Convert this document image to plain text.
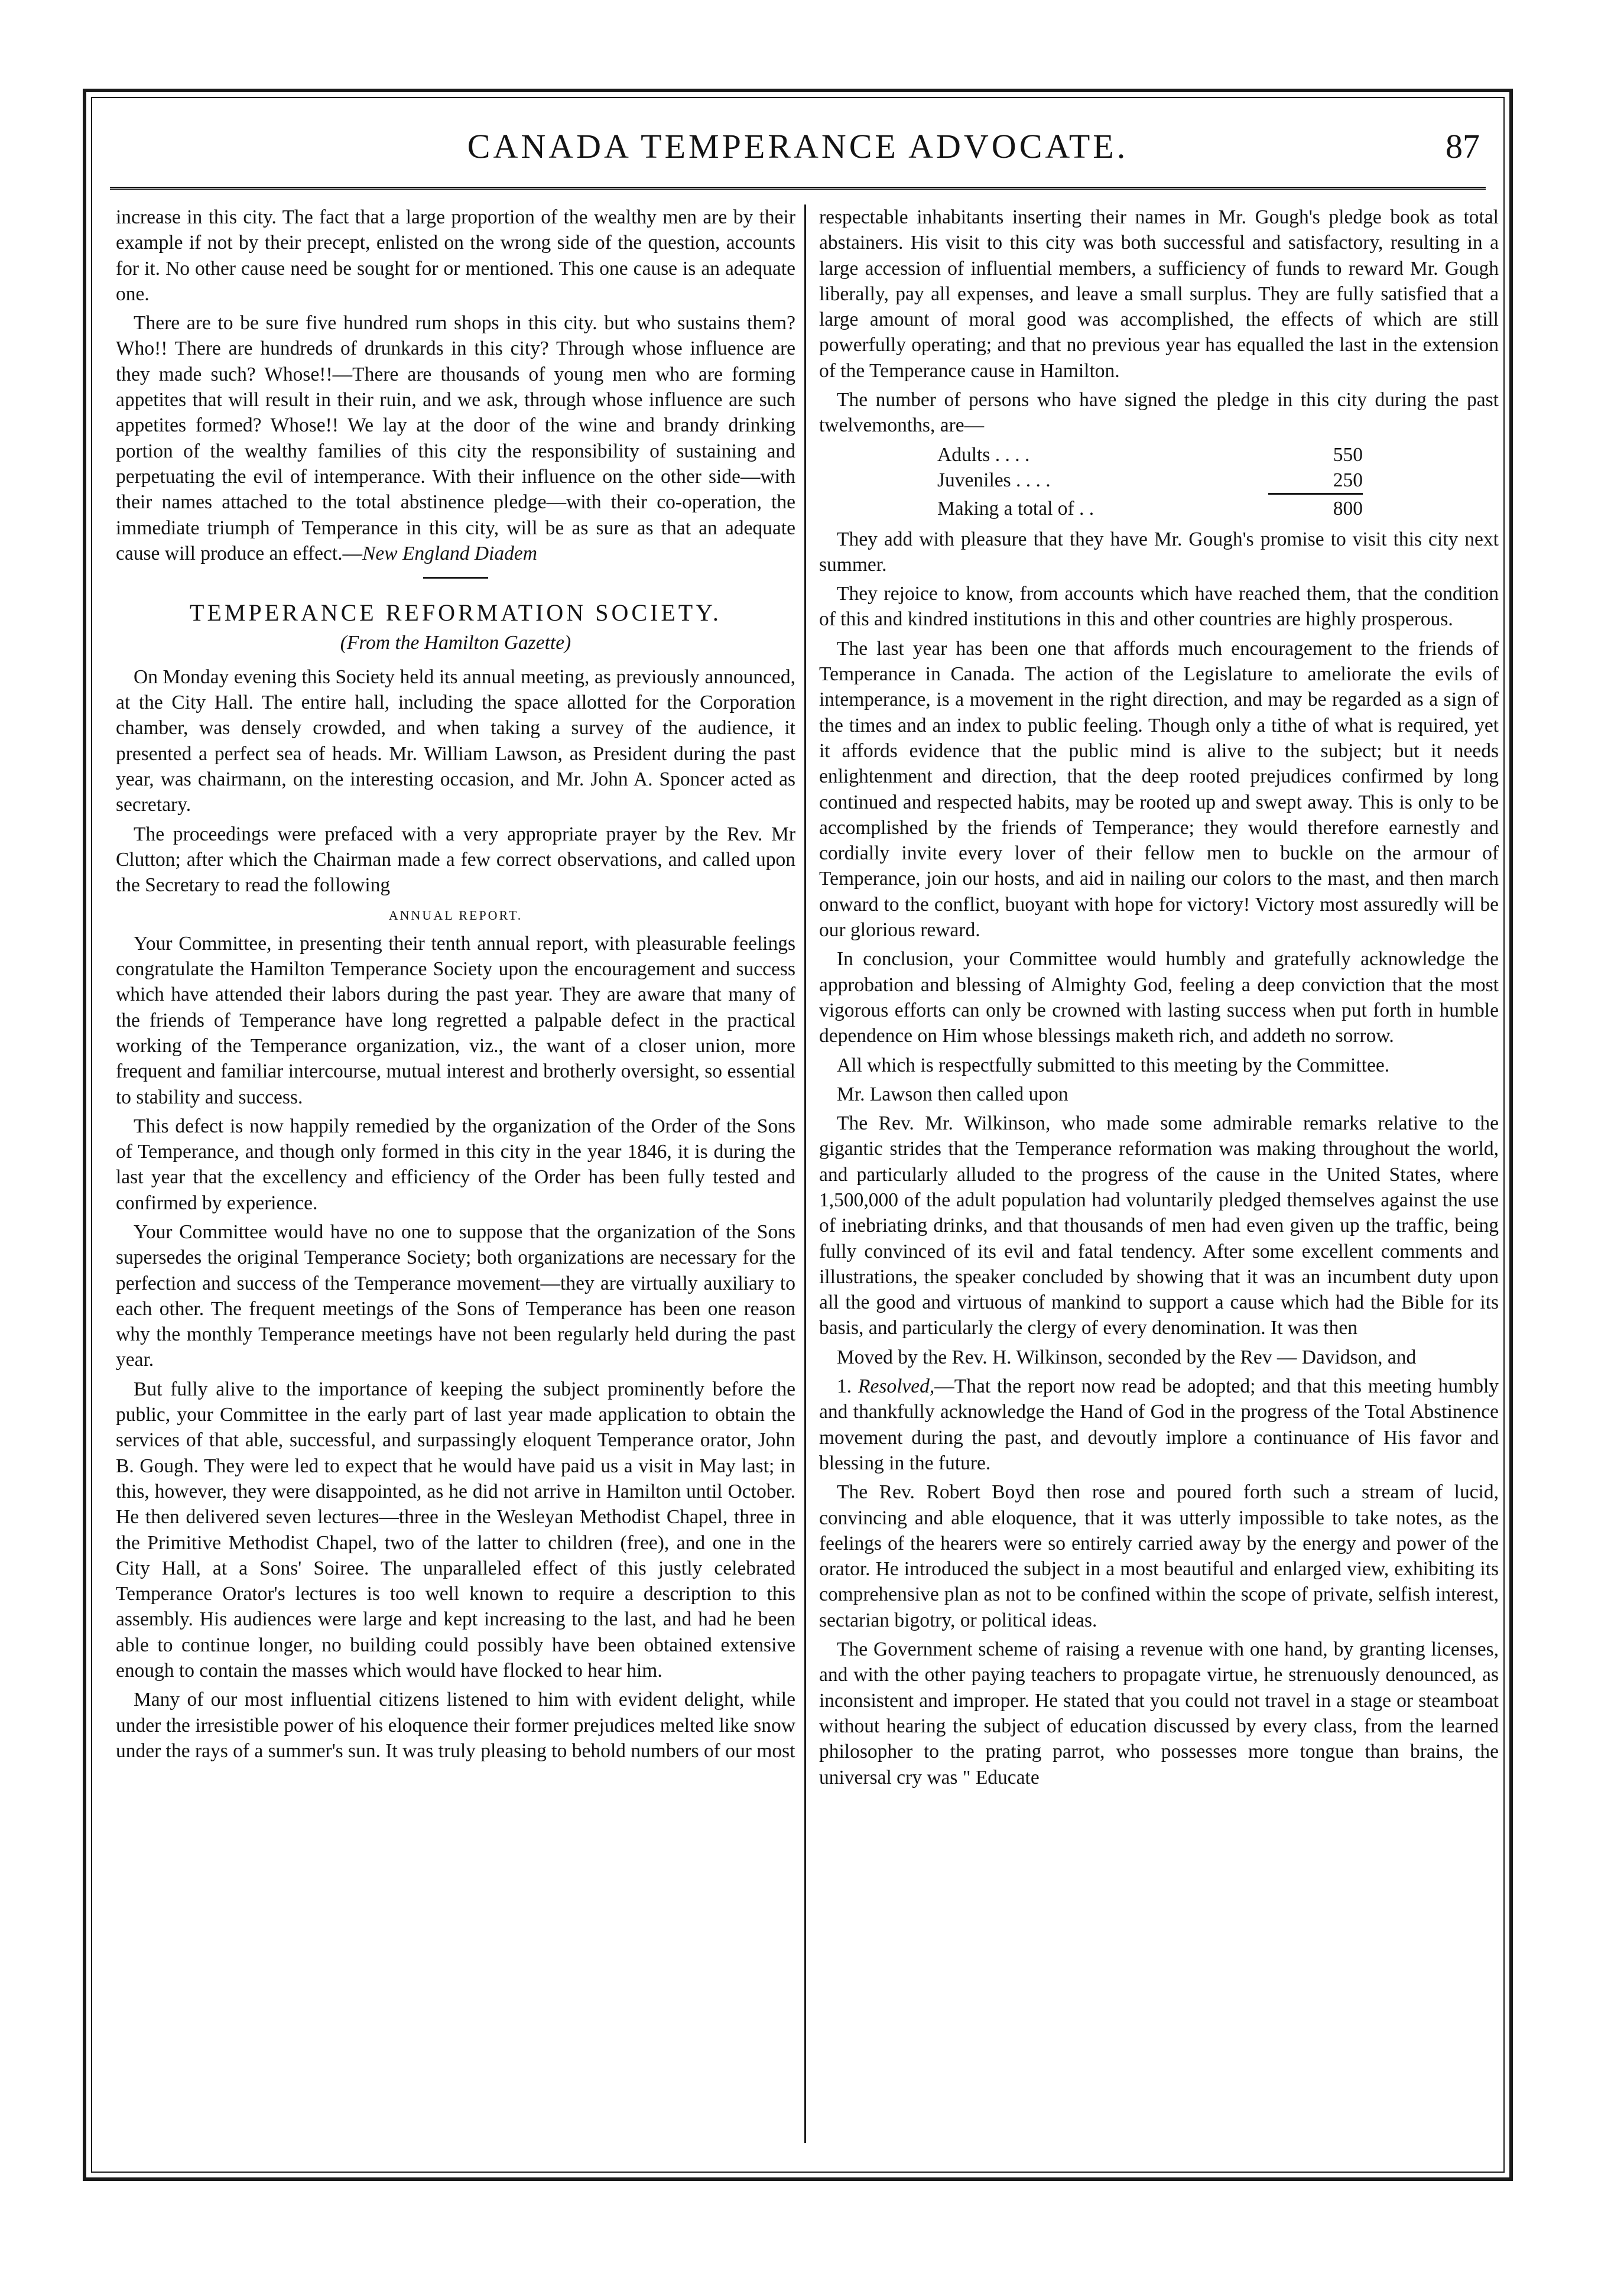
CANADA TEMPERANCE ADVOCATE.	87

increase in this city. The fact that a large proportion of the wealthy men are by their example if not by their precept, enlisted on the wrong side of the question, accounts for it. No other cause need be sought for or mentioned. This one cause is an adequate one.

There are to be sure five hundred rum shops in this city. but who sustains them? Who!! There are hundreds of drunkards in this city? Through whose influence are they made such? Whose!!—There are thousands of young men who are forming appetites that will result in their ruin, and we ask, through whose influence are such appetites formed? Whose!! We lay at the door of the wine and brandy drinking portion of the wealthy families of this city the responsibility of sustaining and perpetuating the evil of intemperance. With their influence on the other side—with their names attached to the total abstinence pledge—with their co-operation, the immediate triumph of Temperance in this city, will be as sure as that an adequate cause will produce an effect.—New England Diadem

TEMPERANCE REFORMATION SOCIETY.
(From the Hamilton Gazette)

On Monday evening this Society held its annual meeting, as previously announced, at the City Hall. The entire hall, including the space allotted for the Corporation chamber, was densely crowded, and when taking a survey of the audience, it presented a perfect sea of heads. Mr. William Lawson, as President during the past year, was chairmann, on the interesting occasion, and Mr. John A. Sponcer acted as secretary.

The proceedings were prefaced with a very appropriate prayer by the Rev. Mr Clutton; after which the Chairman made a few correct observations, and called upon the Secretary to read the following

ANNUAL REPORT.

Your Committee, in presenting their tenth annual report, with pleasurable feelings congratulate the Hamilton Temperance Society upon the encouragement and success which have attended their labors during the past year. They are aware that many of the friends of Temperance have long regretted a palpable defect in the practical working of the Temperance organization, viz., the want of a closer union, more frequent and familiar intercourse, mutual interest and brotherly oversight, so essential to stability and success.

This defect is now happily remedied by the organization of the Order of the Sons of Temperance, and though only formed in this city in the year 1846, it is during the last year that the excellency and efficiency of the Order has been fully tested and confirmed by experience.

Your Committee would have no one to suppose that the organization of the Sons supersedes the original Temperance Society; both organizations are necessary for the perfection and success of the Temperance movement—they are virtually auxiliary to each other. The frequent meetings of the Sons of Temperance has been one reason why the monthly Temperance meetings have not been regularly held during the past year.

But fully alive to the importance of keeping the subject prominently before the public, your Committee in the early part of last year made application to obtain the services of that able, successful, and surpassingly eloquent Temperance orator, John B. Gough. They were led to expect that he would have paid us a visit in May last; in this, however, they were disappointed, as he did not arrive in Hamilton until October. He then delivered seven lectures—three in the Wesleyan Methodist Chapel, three in the Primitive Methodist Chapel, two of the latter to children (free), and one in the City Hall, at a Sons' Soiree. The unparalleled effect of this justly celebrated Temperance Orator's lectures is too well known to require a description to this assembly. His audiences were large and kept increasing to the last, and had he been able to continue longer, no building could possibly have been obtained extensive enough to contain the masses which would have flocked to hear him.

Many of our most influential citizens listened to him with evident delight, while under the irresistible power of his eloquence their former prejudices melted like snow under the rays of a summer's sun. It was truly pleasing to behold numbers of our most

respectable inhabitants inserting their names in Mr. Gough's pledge book as total abstainers. His visit to this city was both successful and satisfactory, resulting in a large accession of influential members, a sufficiency of funds to reward Mr. Gough liberally, pay all expenses, and leave a small surplus. They are fully satisfied that a large amount of moral good was accomplished, the effects of which are still powerfully operating; and that no previous year has equalled the last in the extension of the Temperance cause in Hamilton.

The number of persons who have signed the pledge in this city during the past twelvemonths, are—

Adults . . . .	550
Juveniles . . . .	250
Making a total of . .	800

They add with pleasure that they have Mr. Gough's promise to visit this city next summer.

They rejoice to know, from accounts which have reached them, that the condition of this and kindred institutions in this and other countries are highly prosperous.

The last year has been one that affords much encouragement to the friends of Temperance in Canada. The action of the Legislature to ameliorate the evils of intemperance, is a movement in the right direction, and may be regarded as a sign of the times and an index to public feeling. Though only a tithe of what is required, yet it affords evidence that the public mind is alive to the subject; but it needs enlightenment and direction, that the deep rooted prejudices confirmed by long continued and respected habits, may be rooted up and swept away. This is only to be accomplished by the friends of Temperance; they would therefore earnestly and cordially invite every lover of their fellow men to buckle on the armour of Temperance, join our hosts, and aid in nailing our colors to the mast, and then march onward to the conflict, buoyant with hope for victory! Victory most assuredly will be our glorious reward.

In conclusion, your Committee would humbly and gratefully acknowledge the approbation and blessing of Almighty God, feeling a deep conviction that the most vigorous efforts can only be crowned with lasting success when put forth in humble dependence on Him whose blessings maketh rich, and addeth no sorrow.

All which is respectfully submitted to this meeting by the Committee.

Mr. Lawson then called upon

The Rev. Mr. Wilkinson, who made some admirable remarks relative to the gigantic strides that the Temperance reformation was making throughout the world, and particularly alluded to the progress of the cause in the United States, where 1,500,000 of the adult population had voluntarily pledged themselves against the use of inebriating drinks, and that thousands of men had even given up the traffic, being fully convinced of its evil and fatal tendency. After some excellent comments and illustrations, the speaker concluded by showing that it was an incumbent duty upon all the good and virtuous of mankind to support a cause which had the Bible for its basis, and particularly the clergy of every denomination. It was then

Moved by the Rev. H. Wilkinson, seconded by the Rev — Davidson, and

1. Resolved,—That the report now read be adopted; and that this meeting humbly and thankfully acknowledge the Hand of God in the progress of the Total Abstinence movement during the past, and devoutly implore a continuance of His favor and blessing in the future.

The Rev. Robert Boyd then rose and poured forth such a stream of lucid, convincing and able eloquence, that it was utterly impossible to take notes, as the feelings of the hearers were so entirely carried away by the energy and power of the orator. He introduced the subject in a most beautiful and enlarged view, exhibiting its comprehensive plan as not to be confined within the scope of private, selfish interest, sectarian bigotry, or political ideas.

The Government scheme of raising a revenue with one hand, by granting licenses, and with the other paying teachers to propagate virtue, he strenuously denounced, as inconsistent and improper. He stated that you could not travel in a stage or steamboat without hearing the subject of education discussed by every class, from the learned philosopher to the prating parrot, who possesses more tongue than brains, the universal cry was " Educate
